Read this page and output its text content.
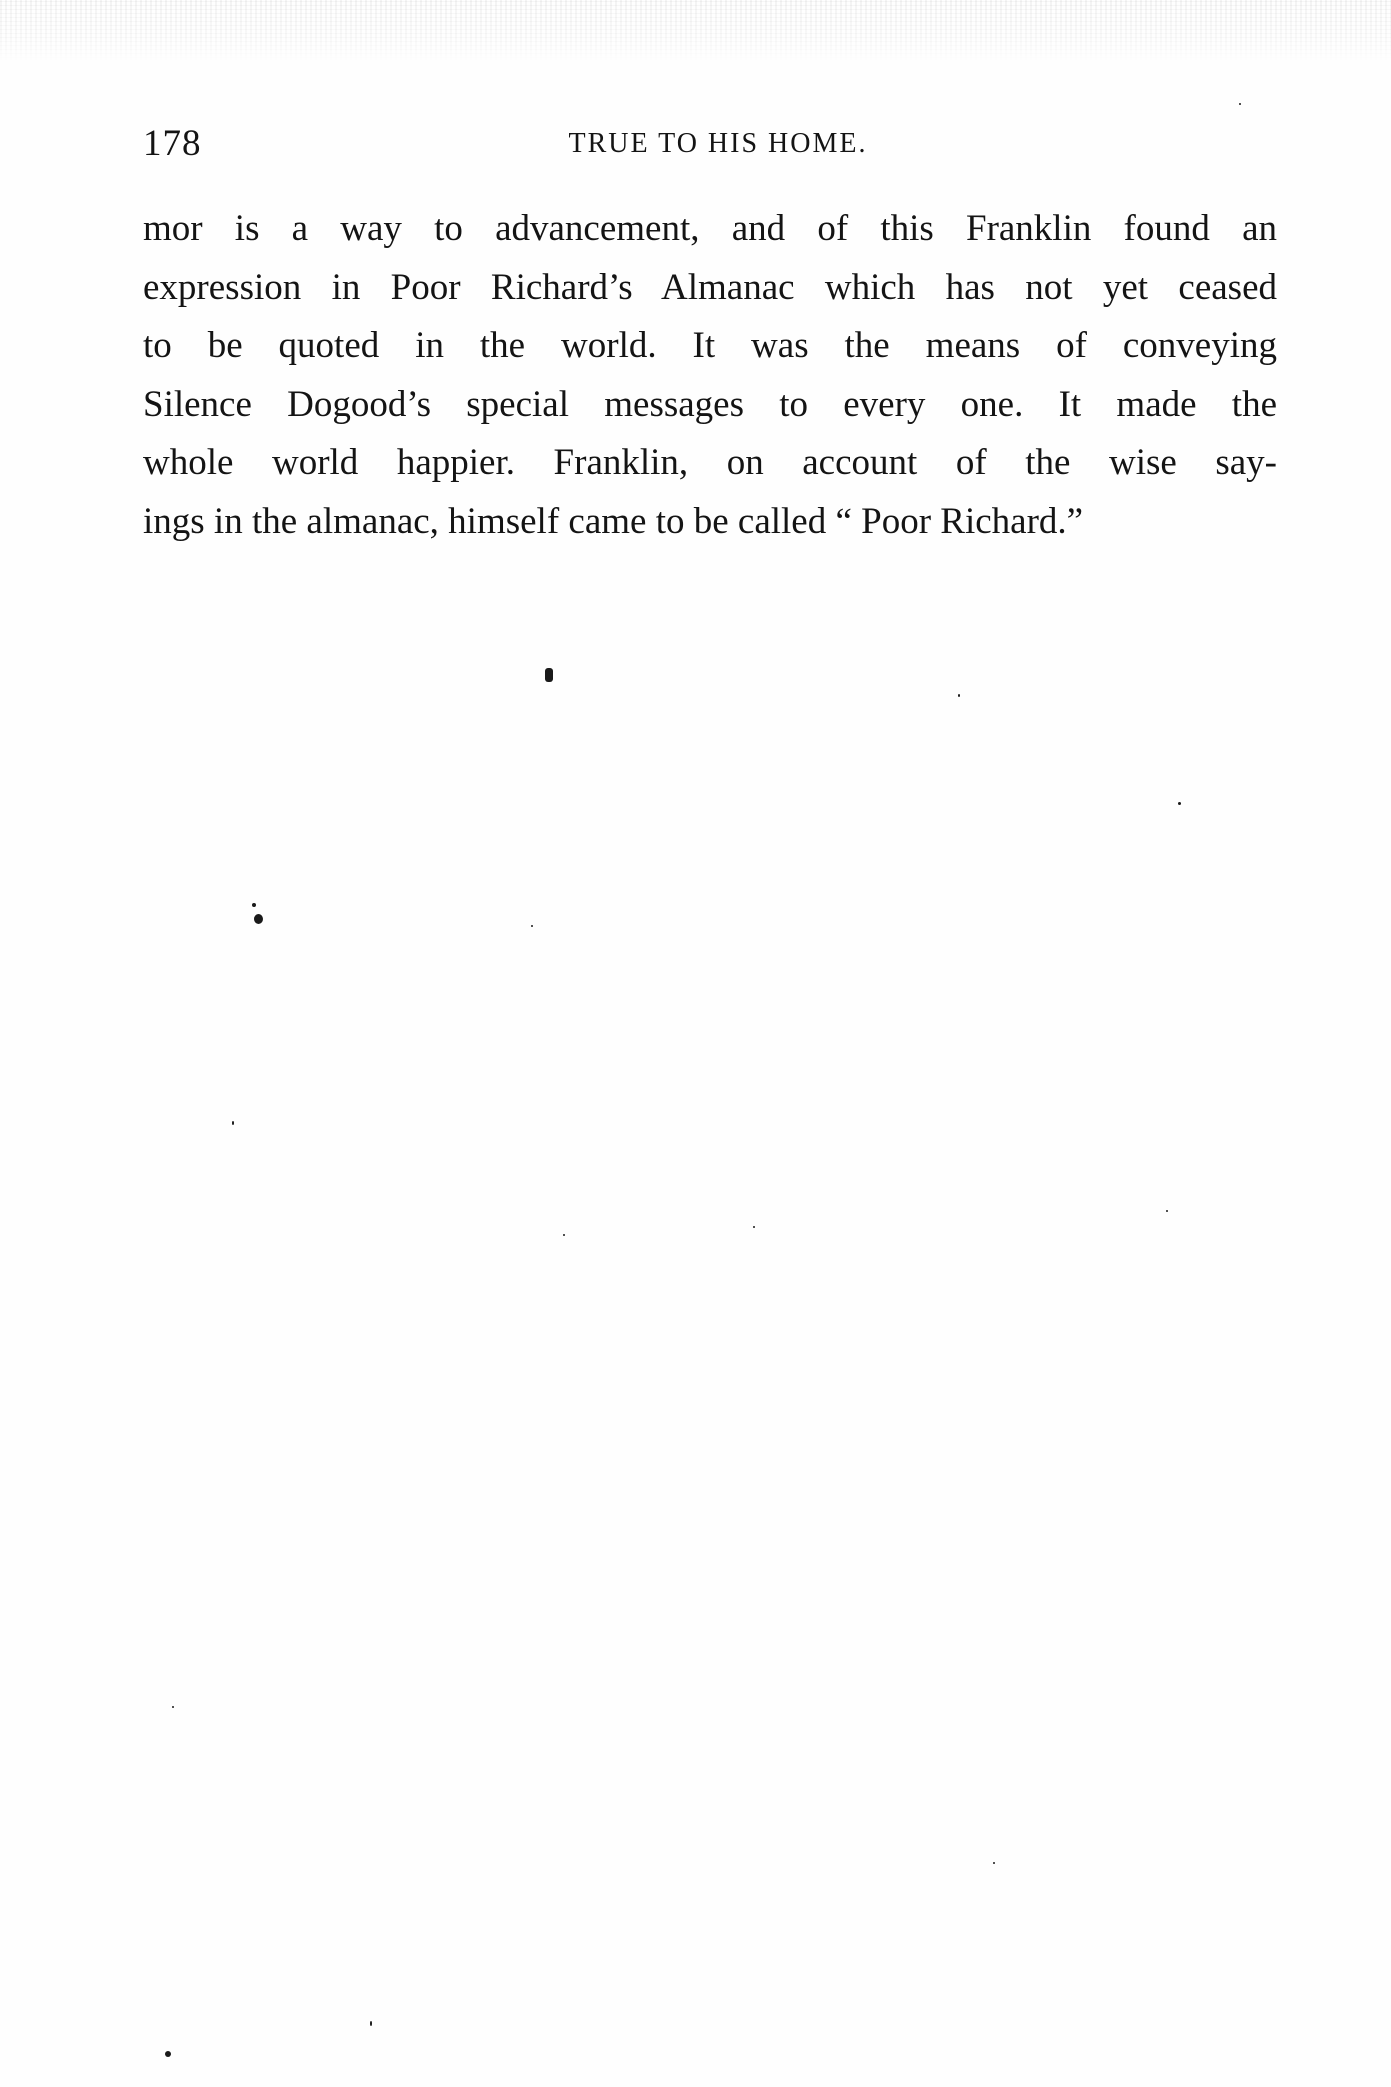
178	TRUE TO HIS HOME.
mor is a way to advancement, and of this Franklin found an
expression in Poor Richard’s Almanac which has not yet ceased
to be quoted in the world. It was the means of conveying
Silence Dogood’s special messages to every one. It made the
whole world happier. Franklin, on account of the wise say-
ings in the almanac, himself came to be called “ Poor Richard.”
